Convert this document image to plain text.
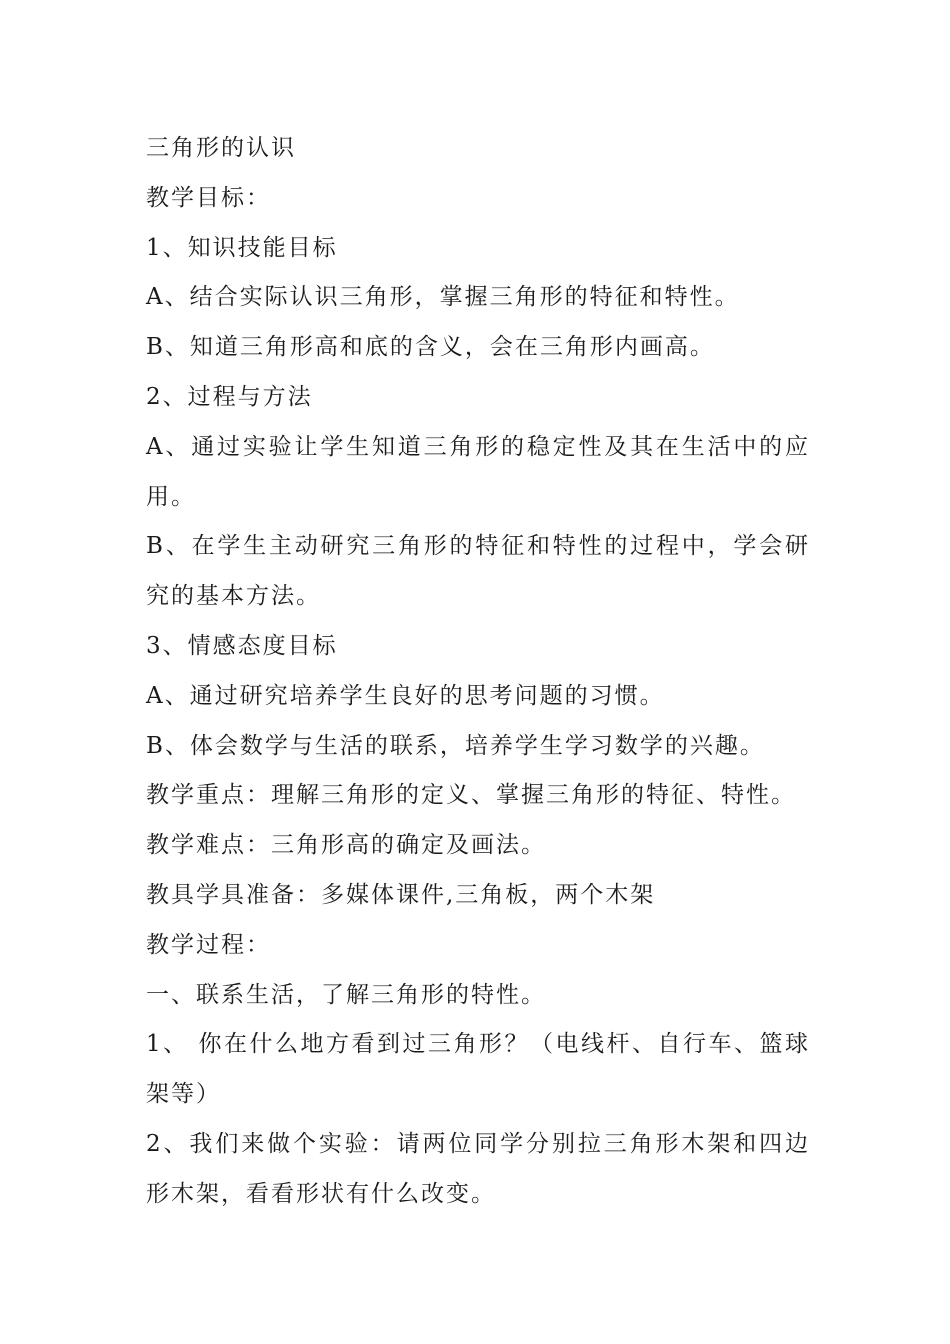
三角形的认识

教学目标：

1、知识技能目标

A、结合实际认识三角形，掌握三角形的特征和特性。

B、知道三角形高和底的含义，会在三角形内画高。

2、过程与方法

A、通过实验让学生知道三角形的稳定性及其在生活中的应用。

B、在学生主动研究三角形的特征和特性的过程中，学会研究的基本方法。

3、情感态度目标

A、通过研究培养学生良好的思考问题的习惯。

B、体会数学与生活的联系，培养学生学习数学的兴趣。

教学重点：理解三角形的定义、掌握三角形的特征、特性。

教学难点：三角形高的确定及画法。

教具学具准备：多媒体课件,三角板，两个木架

教学过程：

一、联系生活，了解三角形的特性。

1、 你在什么地方看到过三角形？（电线杆、自行车、篮球架等）

2、我们来做个实验：请两位同学分别拉三角形木架和四边形木架，看看形状有什么改变。
